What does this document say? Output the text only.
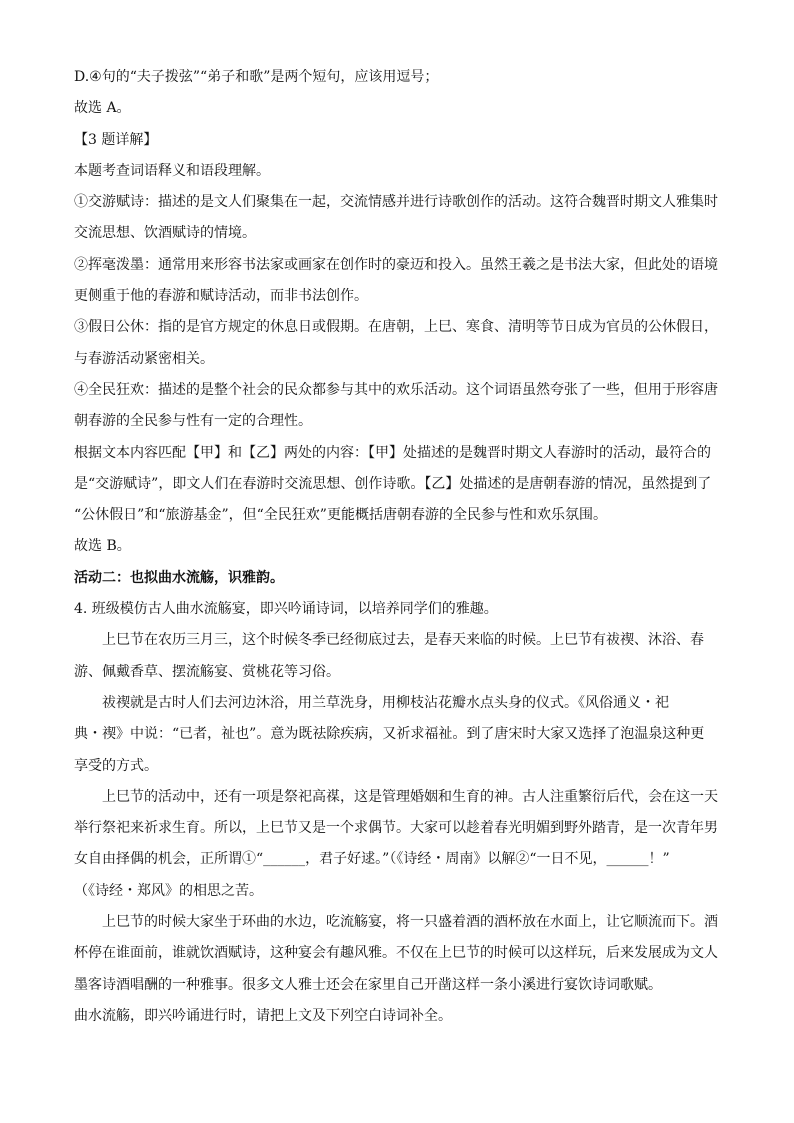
D.④句的“夫子拨弦”“弟子和歌”是两个短句，应该用逗号；

故选 A。

【3 题详解】

本题考查词语释义和语段理解。

①交游赋诗：描述的是文人们聚集在一起，交流情感并进行诗歌创作的活动。这符合魏晋时期文人雅集时

交流思想、饮酒赋诗的情境。

②挥毫泼墨：通常用来形容书法家或画家在创作时的豪迈和投入。虽然王羲之是书法大家，但此处的语境

更侧重于他的春游和赋诗活动，而非书法创作。

③假日公休：指的是官方规定的休息日或假期。在唐朝，上巳、寒食、清明等节日成为官员的公休假日，

与春游活动紧密相关。

④全民狂欢：描述的是整个社会的民众都参与其中的欢乐活动。这个词语虽然夸张了一些，但用于形容唐

朝春游的全民参与性有一定的合理性。

根据文本内容匹配【甲】和【乙】两处的内容：【甲】处描述的是魏晋时期文人春游时的活动，最符合的

是“交游赋诗”，即文人们在春游时交流思想、创作诗歌。【乙】处描述的是唐朝春游的情况，虽然提到了

“公休假日”和“旅游基金”，但“全民狂欢”更能概括唐朝春游的全民参与性和欢乐氛围。

故选 B。

活动二：也拟曲水流觞，识雅韵。

4. 班级模仿古人曲水流觞宴，即兴吟诵诗词，以培养同学们的雅趣。

上巳节在农历三月三，这个时候冬季已经彻底过去，是春天来临的时候。上巳节有祓禊、沐浴、春

游、佩戴香草、摆流觞宴、赏桃花等习俗。

祓禊就是古时人们去河边沐浴，用兰草洗身，用柳枝沾花瓣水点头身的仪式。《风俗通义・祀

典・禊》中说：“已者，祉也”。意为既祛除疾病，又祈求福祉。到了唐宋时大家又选择了泡温泉这种更

享受的方式。

上巳节的活动中，还有一项是祭祀高禖，这是管理婚姻和生育的神。古人注重繁衍后代，会在这一天

举行祭祀来祈求生育。所以，上巳节又是一个求偶节。大家可以趁着春光明媚到野外踏青，是一次青年男

女自由择偶的机会，正所谓①“______，君子好逑。”（《诗经・周南》以解②“一日不见，______！”

（《诗经・郑风》的相思之苦。

上巳节的时候大家坐于环曲的水边，吃流觞宴，将一只盛着酒的酒杯放在水面上，让它顺流而下。酒

杯停在谁面前，谁就饮酒赋诗，这种宴会有趣风雅。不仅在上巳节的时候可以这样玩，后来发展成为文人

墨客诗酒唱酬的一种雅事。很多文人雅士还会在家里自己开凿这样一条小溪进行宴饮诗词歌赋。

曲水流觞，即兴吟诵进行时，请把上文及下列空白诗词补全。
